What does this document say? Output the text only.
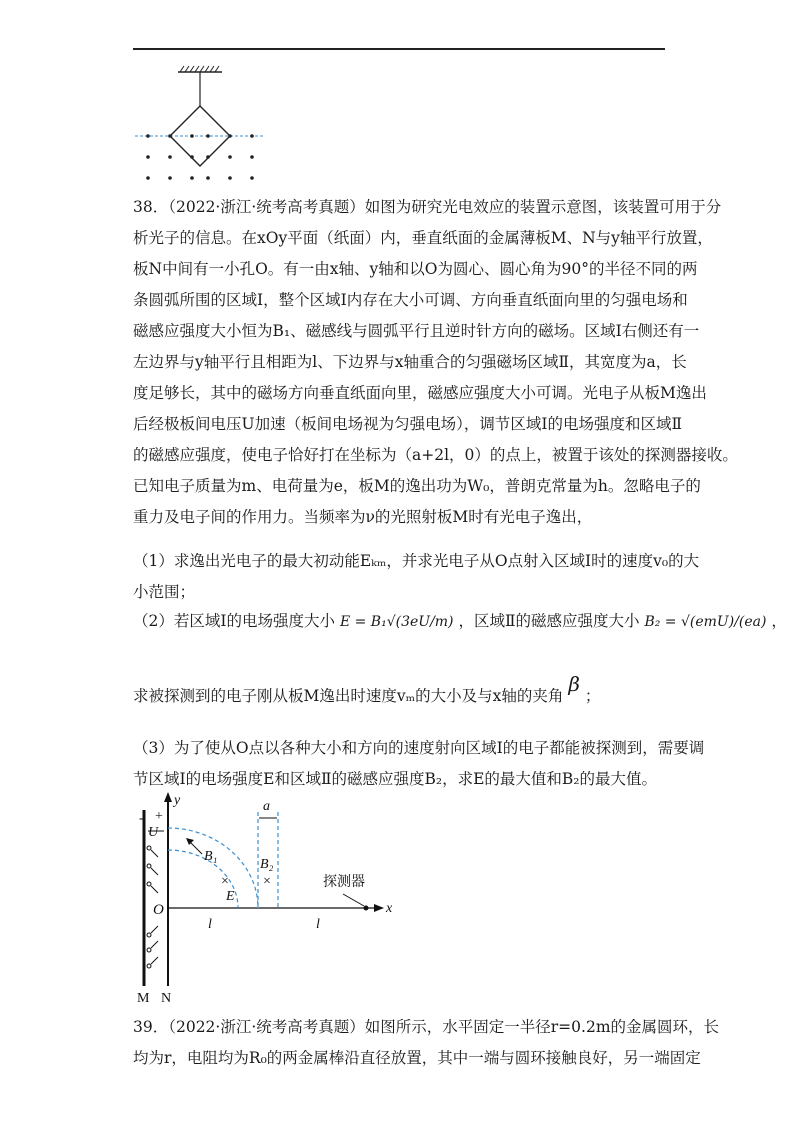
38．（2022·浙江·统考高考真题）如图为研究光电效应的装置示意图，该装置可用于分
析光子的信息。在xOy平面（纸面）内，垂直纸面的金属薄板M、N与y轴平行放置，
板N中间有一小孔O。有一由x轴、y轴和以O为圆心、圆心角为90°的半径不同的两
条圆弧所围的区域Ⅰ，整个区域Ⅰ内存在大小可调、方向垂直纸面向里的匀强电场和
磁感应强度大小恒为B₁、磁感线与圆弧平行且逆时针方向的磁场。区域Ⅰ右侧还有一
左边界与y轴平行且相距为l、下边界与x轴重合的匀强磁场区域Ⅱ，其宽度为a，长
度足够长，其中的磁场方向垂直纸面向里，磁感应强度大小可调。光电子从板M逸出
后经极板间电压U加速（板间电场视为匀强电场），调节区域Ⅰ的电场强度和区域Ⅱ
的磁感应强度，使电子恰好打在坐标为（a+2l，0）的点上，被置于该处的探测器接收。
已知电子质量为m、电荷量为e，板M的逸出功为W₀，普朗克常量为h。忽略电子的
重力及电子间的作用力。当频率为ν的光照射板M时有光电子逸出，
（1）求逸出光电子的最大初动能Eₖₘ，并求光电子从O点射入区域Ⅰ时的速度v₀的大
小范围；
（2）若区域Ⅰ的电场强度大小 E = B₁√(3eU/m) ，区域Ⅱ的磁感应强度大小 B₂ = √(emU)/(ea) ，
求被探测到的电子刚从板M逸出时速度vₘ的大小及与x轴的夹角 β ；
（3）为了使从O点以各种大小和方向的速度射向区域Ⅰ的电子都能被探测到，需要调
节区域Ⅰ的电场强度E和区域Ⅱ的磁感应强度B₂，求E的最大值和B₂的最大值。
y
- +
U
x
O
B₁
×
E
a
B₂
×
l	l
探测器
M N
39．（2022·浙江·统考高考真题）如图所示，水平固定一半径r=0.2m的金属圆环，长
均为r，电阻均为R₀的两金属棒沿直径放置，其中一端与圆环接触良好，另一端固定
